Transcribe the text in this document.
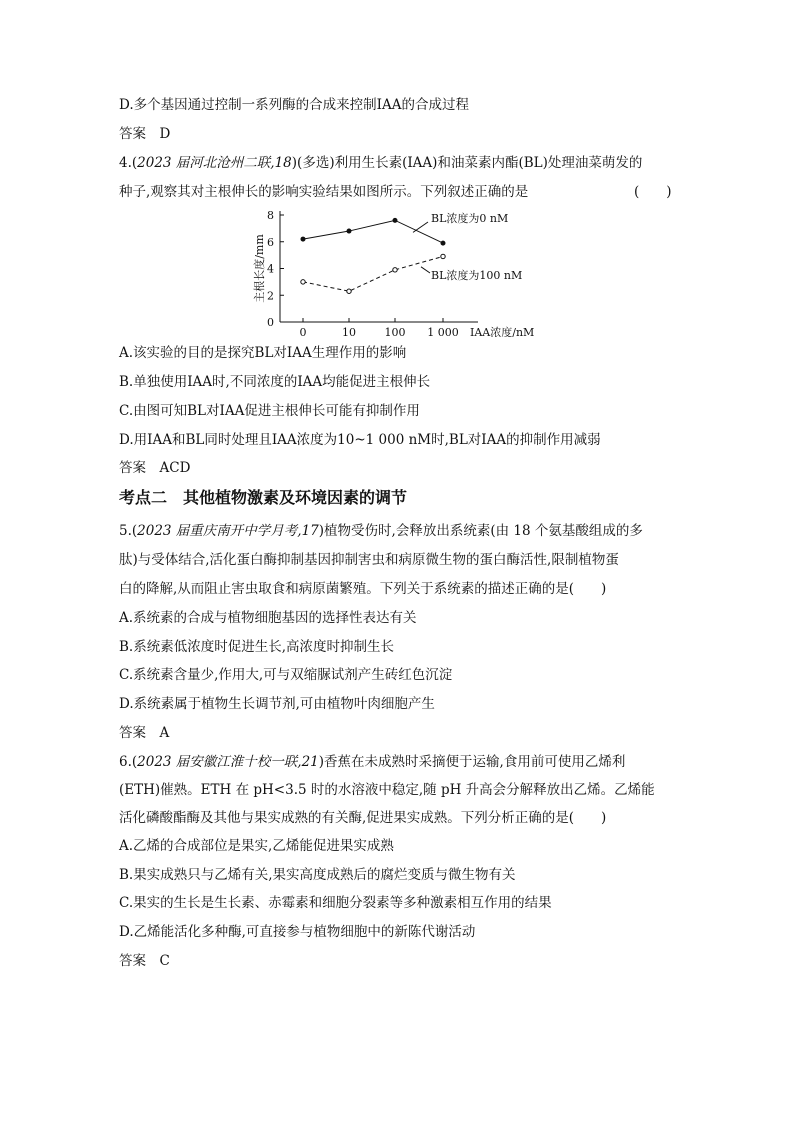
D.多个基因通过控制一系列酶的合成来控制IAA的合成过程
答案　D
4.(2023 届河北沧州二联,18)(多选)利用生长素(IAA)和油菜素内酯(BL)处理油菜萌发的
种子,观察其对主根伸长的影响实验结果如图所示。下列叙述正确的是	(　　)
0
2
4
6
8
主根长度/mm
0	10	100 1 000 IAA浓度/nM
BL浓度为0 nM
BL浓度为100 nM
A.该实验的目的是探究BL对IAA生理作用的影响
B.单独使用IAA时,不同浓度的IAA均能促进主根伸长
C.由图可知BL对IAA促进主根伸长可能有抑制作用
D.用IAA和BL同时处理且IAA浓度为10~1 000 nM时,BL对IAA的抑制作用减弱
答案　ACD
考点二　其他植物激素及环境因素的调节
5.(2023 届重庆南开中学月考,17)植物受伤时,会释放出系统素(由 18 个氨基酸组成的多
肽)与受体结合,活化蛋白酶抑制基因抑制害虫和病原微生物的蛋白酶活性,限制植物蛋
白的降解,从而阻止害虫取食和病原菌繁殖。下列关于系统素的描述正确的是(　　)
A.系统素的合成与植物细胞基因的选择性表达有关
B.系统素低浓度时促进生长,高浓度时抑制生长
C.系统素含量少,作用大,可与双缩脲试剂产生砖红色沉淀
D.系统素属于植物生长调节剂,可由植物叶肉细胞产生
答案　A
6.(2023 届安徽江淮十校一联,21)香蕉在未成熟时采摘便于运输,食用前可使用乙烯利
(ETH)催熟。ETH 在 pH<3.5 时的水溶液中稳定,随 pH 升高会分解释放出乙烯。乙烯能
活化磷酸酯酶及其他与果实成熟的有关酶,促进果实成熟。下列分析正确的是(　　)
A.乙烯的合成部位是果实,乙烯能促进果实成熟
B.果实成熟只与乙烯有关,果实高度成熟后的腐烂变质与微生物有关
C.果实的生长是生长素、赤霉素和细胞分裂素等多种激素相互作用的结果
D.乙烯能活化多种酶,可直接参与植物细胞中的新陈代谢活动
答案　C
